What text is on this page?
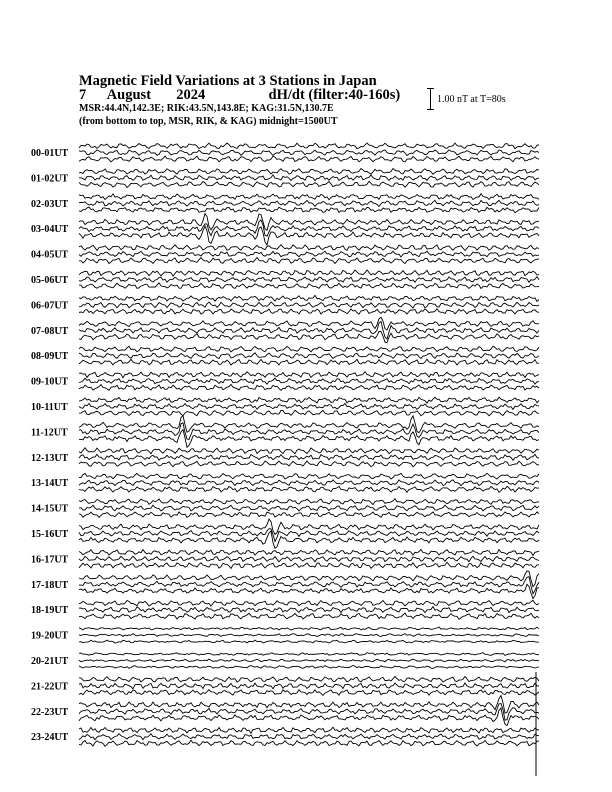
Magnetic Field Variations at 3 Stations in Japan
7 August 2024	dH/dt (filter:40-160s)
MSR:44.4N,142.3E; RIK:43.5N,143.8E; KAG:31.5N,130.7E
(from bottom to top, MSR, RIK, & KAG) midnight=1500UT
1.00 nT at T=80s
00-01UT
01-02UT
02-03UT
03-04UT
04-05UT
05-06UT
06-07UT
07-08UT
08-09UT
09-10UT
10-11UT
11-12UT
12-13UT
13-14UT
14-15UT
15-16UT
16-17UT
17-18UT
18-19UT
19-20UT
20-21UT
21-22UT
22-23UT
23-24UT
